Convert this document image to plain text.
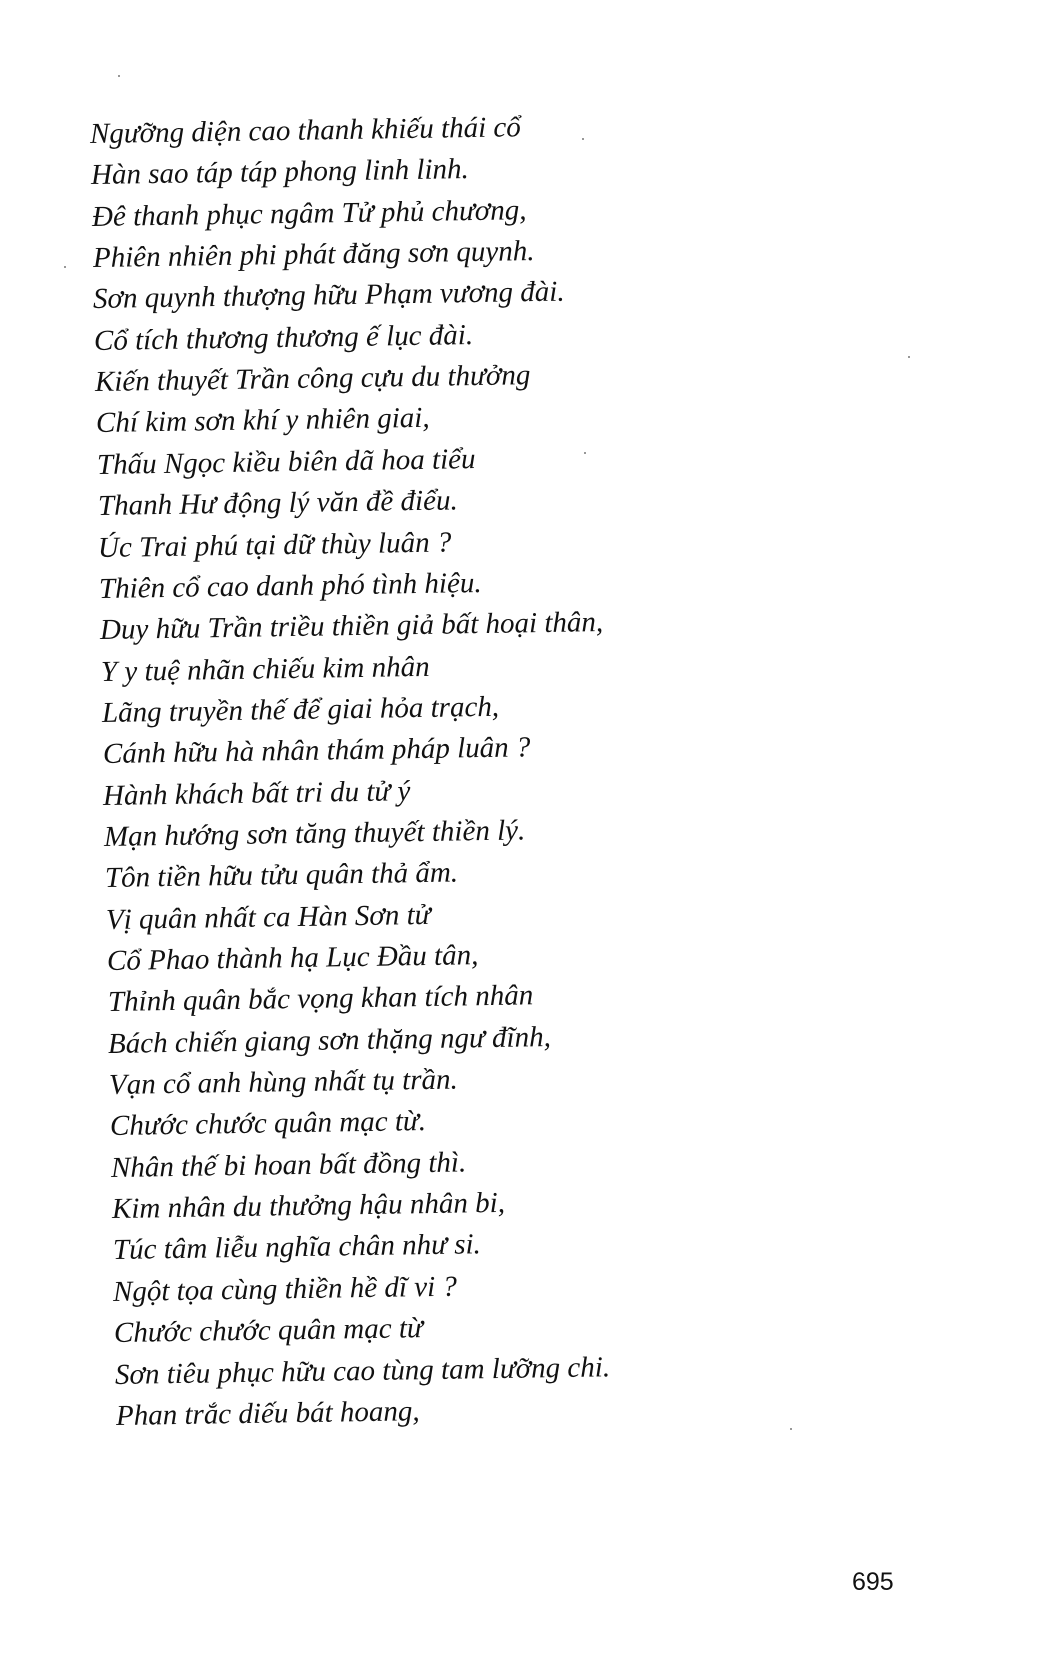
Ngưỡng diện cao thanh khiếu thái cổ
Hàn sao táp táp phong linh linh.
Đê thanh phục ngâm Tử phủ chương,
Phiên nhiên phi phát đăng sơn quynh.
Sơn quynh thượng hữu Phạm vương đài.
Cổ tích thương thương ế lục đài.
Kiến thuyết Trần công cựu du thưởng
Chí kim sơn khí y nhiên giai,
Thấu Ngọc kiều biên dã hoa tiểu
Thanh Hư động lý văn đề điểu.
Úc Trai phú tại dữ thùy luân ?
Thiên cổ cao danh phó tình hiệu.
Duy hữu Trần triều thiền giả bất hoại thân,
Y y tuệ nhãn chiếu kim nhân
Lãng truyền thế để giai hỏa trạch,
Cánh hữu hà nhân thám pháp luân ?
Hành khách bất tri du tử ý
Mạn hướng sơn tăng thuyết thiền lý.
Tôn tiền hữu tửu quân thả ẩm.
Vị quân nhất ca Hàn Sơn tử
Cổ Phao thành hạ Lục Đầu tân,
Thỉnh quân bắc vọng khan tích nhân
Bách chiến giang sơn thặng ngư đĩnh,
Vạn cổ anh hùng nhất tụ trần.
Chước chước quân mạc từ.
Nhân thế bi hoan bất đồng thì.
Kim nhân du thưởng hậu nhân bi,
Túc tâm liễu nghĩa chân như si.
Ngột tọa cùng thiền hề dĩ vi ?
Chước chước quân mạc từ
Sơn tiêu phục hữu cao tùng tam lưỡng chi.
Phan trắc diếu bát hoang,
695
